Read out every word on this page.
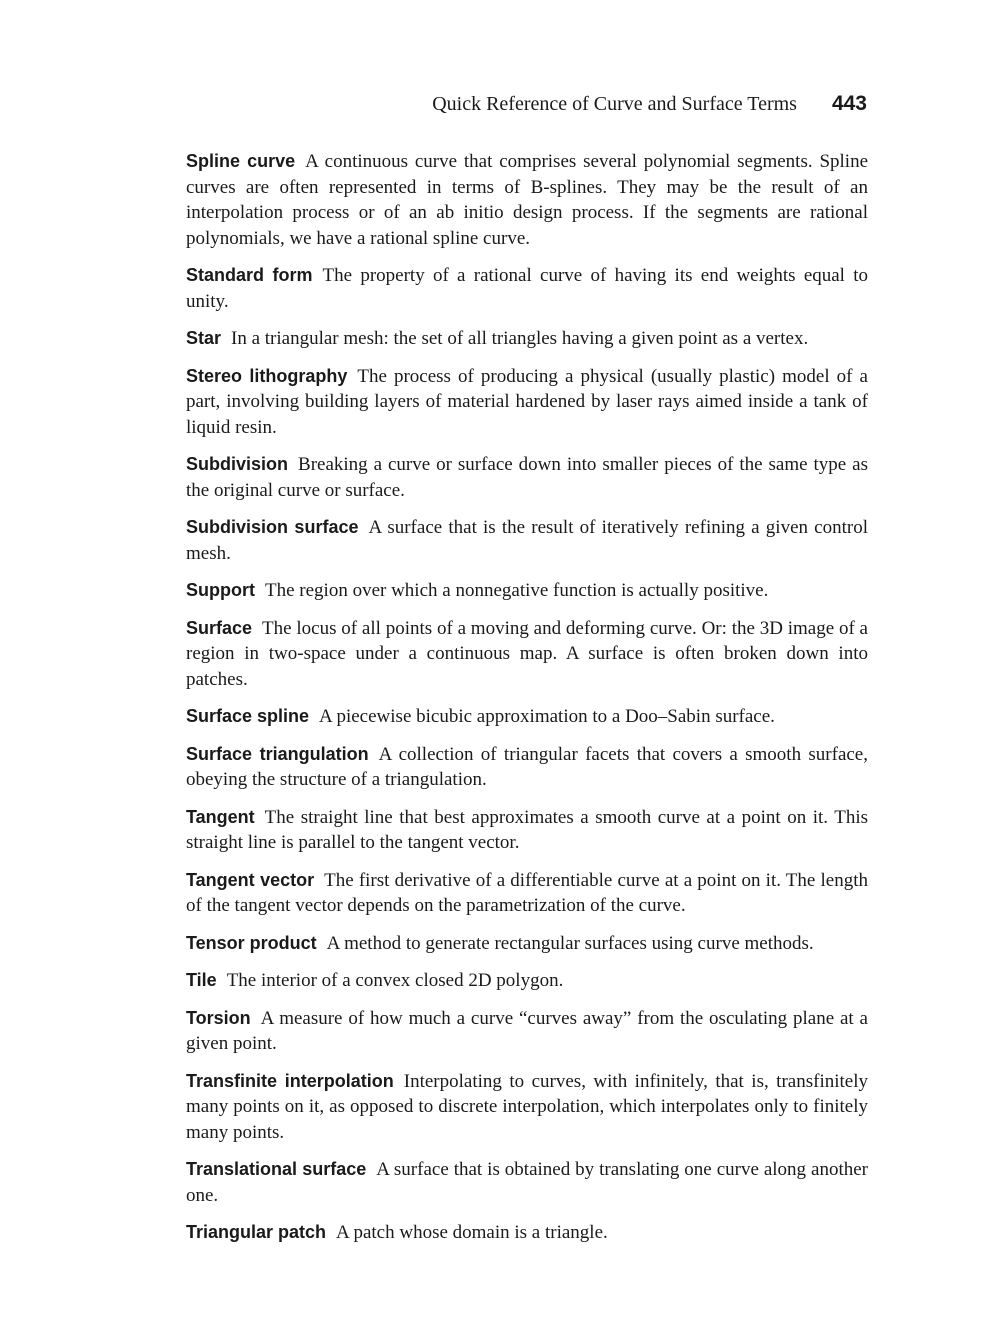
Quick Reference of Curve and Surface Terms 443

Spline curve A continuous curve that comprises several polynomial segments. Spline curves are often represented in terms of B-splines. They may be the result of an interpolation process or of an ab initio design process. If the segments are rational polynomials, we have a rational spline curve.

Standard form The property of a rational curve of having its end weights equal to unity.

Star In a triangular mesh: the set of all triangles having a given point as a vertex.

Stereo lithography The process of producing a physical (usually plastic) model of a part, involving building layers of material hardened by laser rays aimed inside a tank of liquid resin.

Subdivision Breaking a curve or surface down into smaller pieces of the same type as the original curve or surface.

Subdivision surface A surface that is the result of iteratively refining a given control mesh.

Support The region over which a nonnegative function is actually positive.

Surface The locus of all points of a moving and deforming curve. Or: the 3D image of a region in two-space under a continuous map. A surface is often broken down into patches.

Surface spline A piecewise bicubic approximation to a Doo–Sabin surface.

Surface triangulation A collection of triangular facets that covers a smooth surface, obeying the structure of a triangulation.

Tangent The straight line that best approximates a smooth curve at a point on it. This straight line is parallel to the tangent vector.

Tangent vector The first derivative of a differentiable curve at a point on it. The length of the tangent vector depends on the parametrization of the curve.

Tensor product A method to generate rectangular surfaces using curve methods.

Tile The interior of a convex closed 2D polygon.

Torsion A measure of how much a curve “curves away” from the osculating plane at a given point.

Transfinite interpolation Interpolating to curves, with infinitely, that is, transfinitely many points on it, as opposed to discrete interpolation, which interpolates only to finitely many points.

Translational surface A surface that is obtained by translating one curve along another one.

Triangular patch A patch whose domain is a triangle.
